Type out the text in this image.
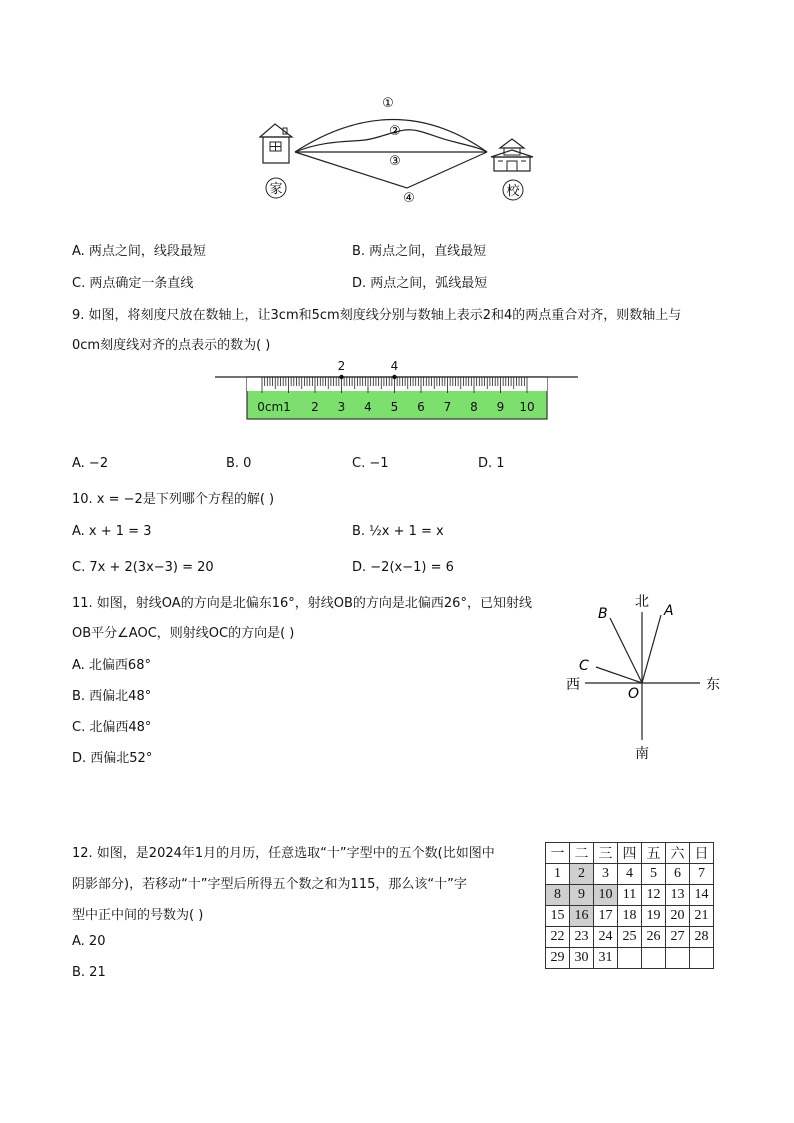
家	校
①
②
③
④
A. 两点之间，线段最短	B. 两点之间，直线最短
C. 两点确定一条直线	D. 两点之间，弧线最短
9. 如图，将刻度尺放在数轴上，让3cm和5cm刻度线分别与数轴上表示2和4的两点重合对齐，则数轴上与
0cm刻度线对齐的点表示的数为( )
0cm1 2 3 4 5 6 7 8 9 10
2	4
A. −2	B. 0	C. −1	D. 1
10. x = −2是下列哪个方程的解( )
A. x + 1 = 3	B. ½x + 1 = x
C. 7x + 2(3x−3) = 20	D. −2(x−1) = 6
11. 如图，射线OA的方向是北偏东16°，射线OB的方向是北偏西26°，已知射线
OB平分∠AOC，则射线OC的方向是( )
A. 北偏西68°
B. 西偏北48°
C. 北偏西48°
D. 西偏北52°
北
南
东
西
A
B
C
O
12. 如图，是2024年1月的月历，任意选取“十”字型中的五个数(比如图中
阴影部分)，若移动“十”字型后所得五个数之和为115，那么该“十”字
型中正中间的号数为( )
A. 20
B. 21
一	二	三	四	五	六	日
1	2	3	4	5	6	7
8	9	10	11	12	13	14
15	16	17	18	19	20	21
22	23	24	25	26	27	28
29	30	31				
